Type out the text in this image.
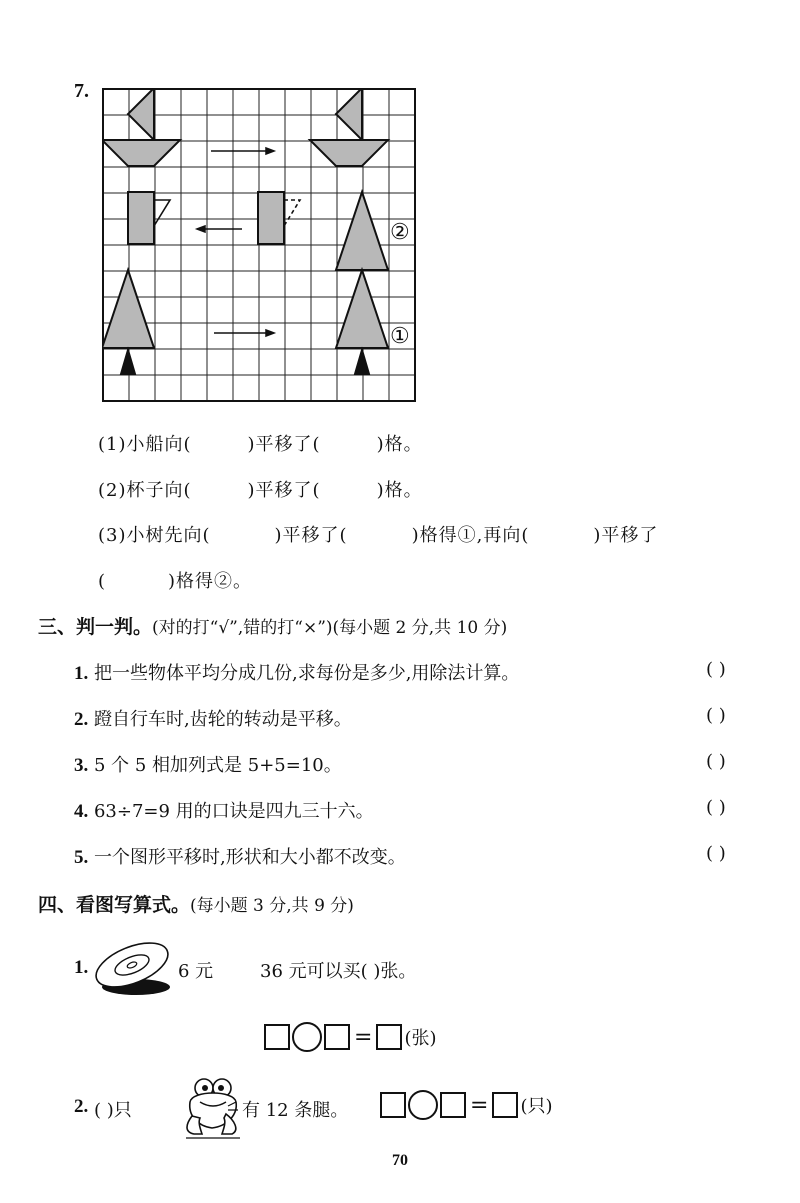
7.
②
①
(1)小船向(	)平移了(	)格。
(2)杯子向(	)平移了(	)格。
(3)小树先向(	)平移了(	)格得①,再向(	)平移了
(	)格得②。
三、判一判。(对的打“√”,错的打“×”)(每小题 2 分,共 10 分)
1. 把一些物体平均分成几份,求每份是多少,用除法计算。	( )
2. 蹬自行车时,齿轮的转动是平移。	( )
3. 5 个 5 相加列式是 5+5=10。	( )
4. 63÷7=9 用的口诀是四九三十六。	( )
5. 一个图形平移时,形状和大小都不改变。	( )
四、看图写算式。(每小题 3 分,共 9 分)
1.	6 元	36 元可以买( )张。
= (张)
2. ( )只	有 12 条腿。	= (只)
70
